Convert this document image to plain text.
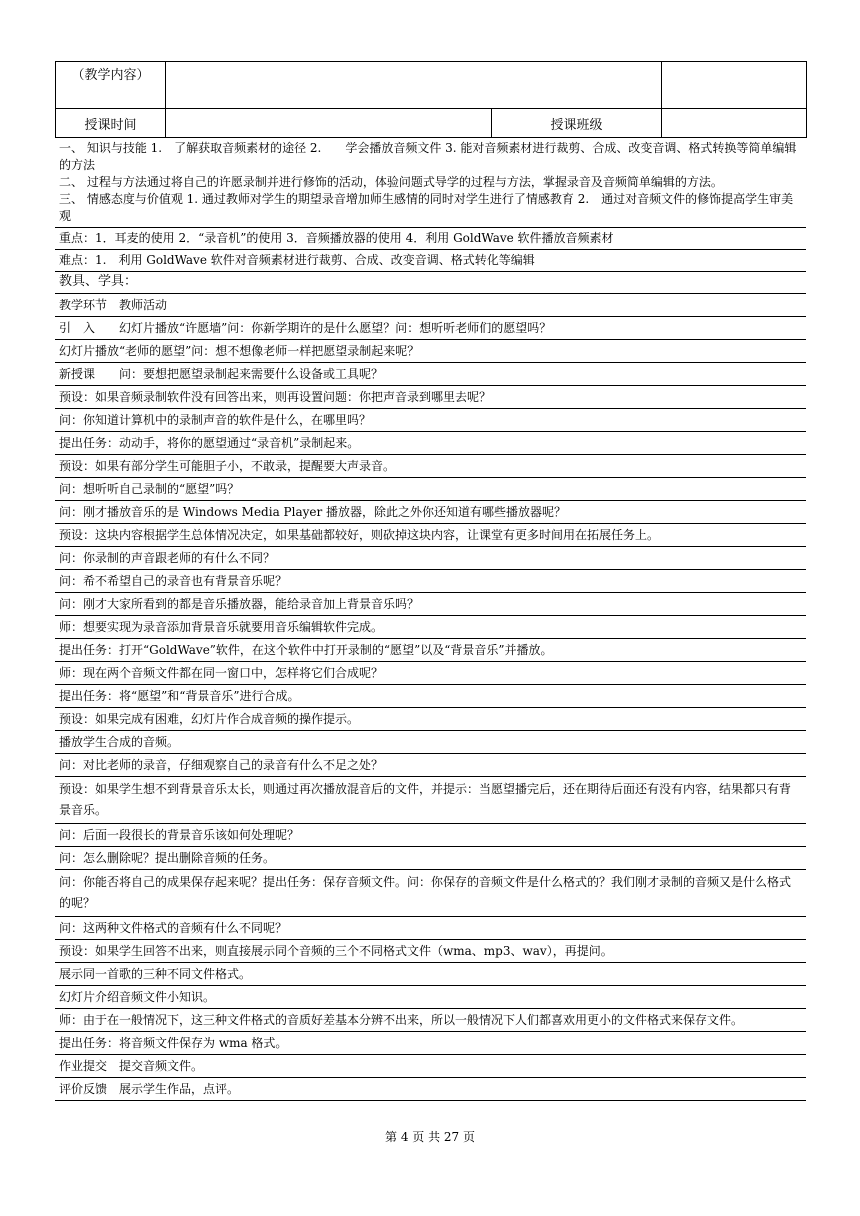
（教学内容）			
授课时间		授课班级	
一、 知识与技能 1.　了解获取音频素材的途径 2.　　学会播放音频文件 3. 能对音频素材进行裁剪、合成、改变音调、格式转换等简单编辑的方法
二、 过程与方法通过将自己的许愿录制并进行修饰的活动，体验问题式导学的过程与方法，掌握录音及音频简单编辑的方法。
三、 情感态度与价值观 1. 通过教师对学生的期望录音增加师生感情的同时对学生进行了情感教育 2.　通过对音频文件的修饰提高学生审美观
重点：1．耳麦的使用 2．“录音机”的使用 3．音频播放器的使用 4．利用 GoldWave 软件播放音频素材
难点：1.　利用 GoldWave 软件对音频素材进行裁剪、合成、改变音调、格式转化等编辑
教具、学具：
教学环节　教师活动
引　入　　幻灯片播放“许愿墙”问：你新学期许的是什么愿望？问：想听听老师们的愿望吗？
幻灯片播放“老师的愿望”问：想不想像老师一样把愿望录制起来呢？
新授课　　问：要想把愿望录制起来需要什么设备或工具呢？
预设：如果音频录制软件没有回答出来，则再设置问题：你把声音录到哪里去呢？
问：你知道计算机中的录制声音的软件是什么，在哪里吗？
提出任务：动动手，将你的愿望通过“录音机”录制起来。
预设：如果有部分学生可能胆子小，不敢录，提醒要大声录音。
问：想听听自己录制的“愿望”吗？
问：刚才播放音乐的是 Windows Media Player 播放器，除此之外你还知道有哪些播放器呢？
预设：这块内容根据学生总体情况决定，如果基础都较好，则砍掉这块内容，让课堂有更多时间用在拓展任务上。
问：你录制的声音跟老师的有什么不同？
问：希不希望自己的录音也有背景音乐呢？
问：刚才大家所看到的都是音乐播放器，能给录音加上背景音乐吗？
师：想要实现为录音添加背景音乐就要用音乐编辑软件完成。
提出任务：打开“GoldWave”软件，在这个软件中打开录制的“愿望”以及“背景音乐”并播放。
师：现在两个音频文件都在同一窗口中，怎样将它们合成呢？
提出任务：将“愿望”和“背景音乐”进行合成。
预设：如果完成有困难，幻灯片作合成音频的操作提示。
播放学生合成的音频。
问：对比老师的录音，仔细观察自己的录音有什么不足之处？
预设：如果学生想不到背景音乐太长，则通过再次播放混音后的文件，并提示：当愿望播完后，还在期待后面还有没有内容，结果都只有背景音乐。
问：后面一段很长的背景音乐该如何处理呢？
问：怎么删除呢？提出删除音频的任务。
问：你能否将自己的成果保存起来呢？提出任务：保存音频文件。问：你保存的音频文件是什么格式的？我们刚才录制的音频又是什么格式的呢？
问：这两种文件格式的音频有什么不同呢？
预设：如果学生回答不出来，则直接展示同个音频的三个不同格式文件（wma、mp3、wav），再提问。
展示同一首歌的三种不同文件格式。
幻灯片介绍音频文件小知识。
师：由于在一般情况下，这三种文件格式的音质好差基本分辨不出来，所以一般情况下人们都喜欢用更小的文件格式来保存文件。
提出任务：将音频文件保存为 wma 格式。
作业提交　提交音频文件。
评价反馈　展示学生作品，点评。
第 4 页 共 27 页
